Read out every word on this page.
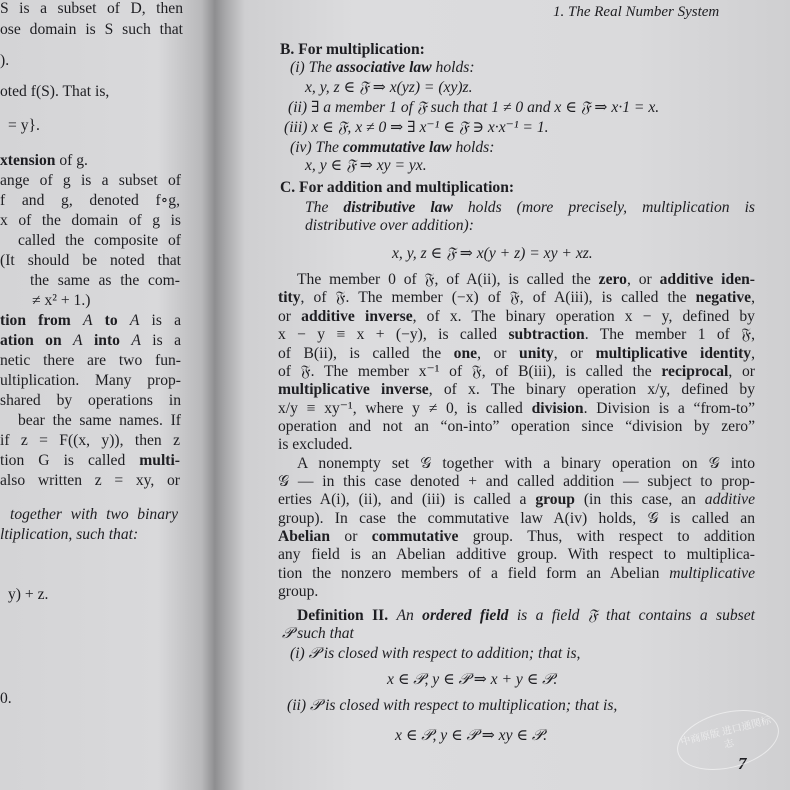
S is a subset of D, then
ose domain is S such that
).
oted f(S). That is,
= y}.
xtension of g.
ange of g is a subset of
f and g, denoted f∘g,
x of the domain of g is
called the composite of
(It should be noted that
the same as the com-
≠ x² + 1.)
tion from A to A is a
ation on A into A is a
netic there are two fun-
ultiplication. Many prop-
shared by operations in
bear the same names. If
if z = F((x, y)), then z
tion G is called multi-
also written z = xy, or
together with two binary
ltiplication, such that:
y) + z.
0.
1. The Real Number System
7
B. For multiplication:
(i) The associative law holds:
x, y, z ∈ 𝔉 ⇒ x(yz) = (xy)z.
(ii) ∃ a member 1 of 𝔉 such that 1 ≠ 0 and x ∈ 𝔉 ⇒ x·1 = x.
(iii) x ∈ 𝔉, x ≠ 0 ⇒ ∃ x⁻¹ ∈ 𝔉 ∋ x·x⁻¹ = 1.
(iv) The commutative law holds:
x, y ∈ 𝔉 ⇒ xy = yx.
C. For addition and multiplication:
The distributive law holds (more precisely, multiplication is
distributive over addition):
x, y, z ∈ 𝔉 ⇒ x(y + z) = xy + xz.
The member 0 of 𝔉, of A(ii), is called the zero, or additive iden-
tity, of 𝔉. The member (−x) of 𝔉, of A(iii), is called the negative,
or additive inverse, of x. The binary operation x − y, defined by
x − y ≡ x + (−y), is called subtraction. The member 1 of 𝔉,
of B(ii), is called the one, or unity, or multiplicative identity,
of 𝔉. The member x⁻¹ of 𝔉, of B(iii), is called the reciprocal, or
multiplicative inverse, of x. The binary operation x/y, defined by
x/y ≡ xy⁻¹, where y ≠ 0, is called division. Division is a “from-to”
operation and not an “on-into” operation since “division by zero”
is excluded.
A nonempty set 𝒢 together with a binary operation on 𝒢 into
𝒢 — in this case denoted + and called addition — subject to prop-
erties A(i), (ii), and (iii) is called a group (in this case, an additive
group). In case the commutative law A(iv) holds, 𝒢 is called an
Abelian or commutative group. Thus, with respect to addition
any field is an Abelian additive group. With respect to multiplica-
tion the nonzero members of a field form an Abelian multiplicative
group.
Definition II. An ordered field is a field 𝔉 that contains a subset
𝒫 such that
(i) 𝒫 is closed with respect to addition; that is,
x ∈ 𝒫, y ∈ 𝒫 ⇒ x + y ∈ 𝒫.
(ii) 𝒫 is closed with respect to multiplication; that is,
x ∈ 𝒫, y ∈ 𝒫 ⇒ xy ∈ 𝒫.	中商原版 进口通関标志
